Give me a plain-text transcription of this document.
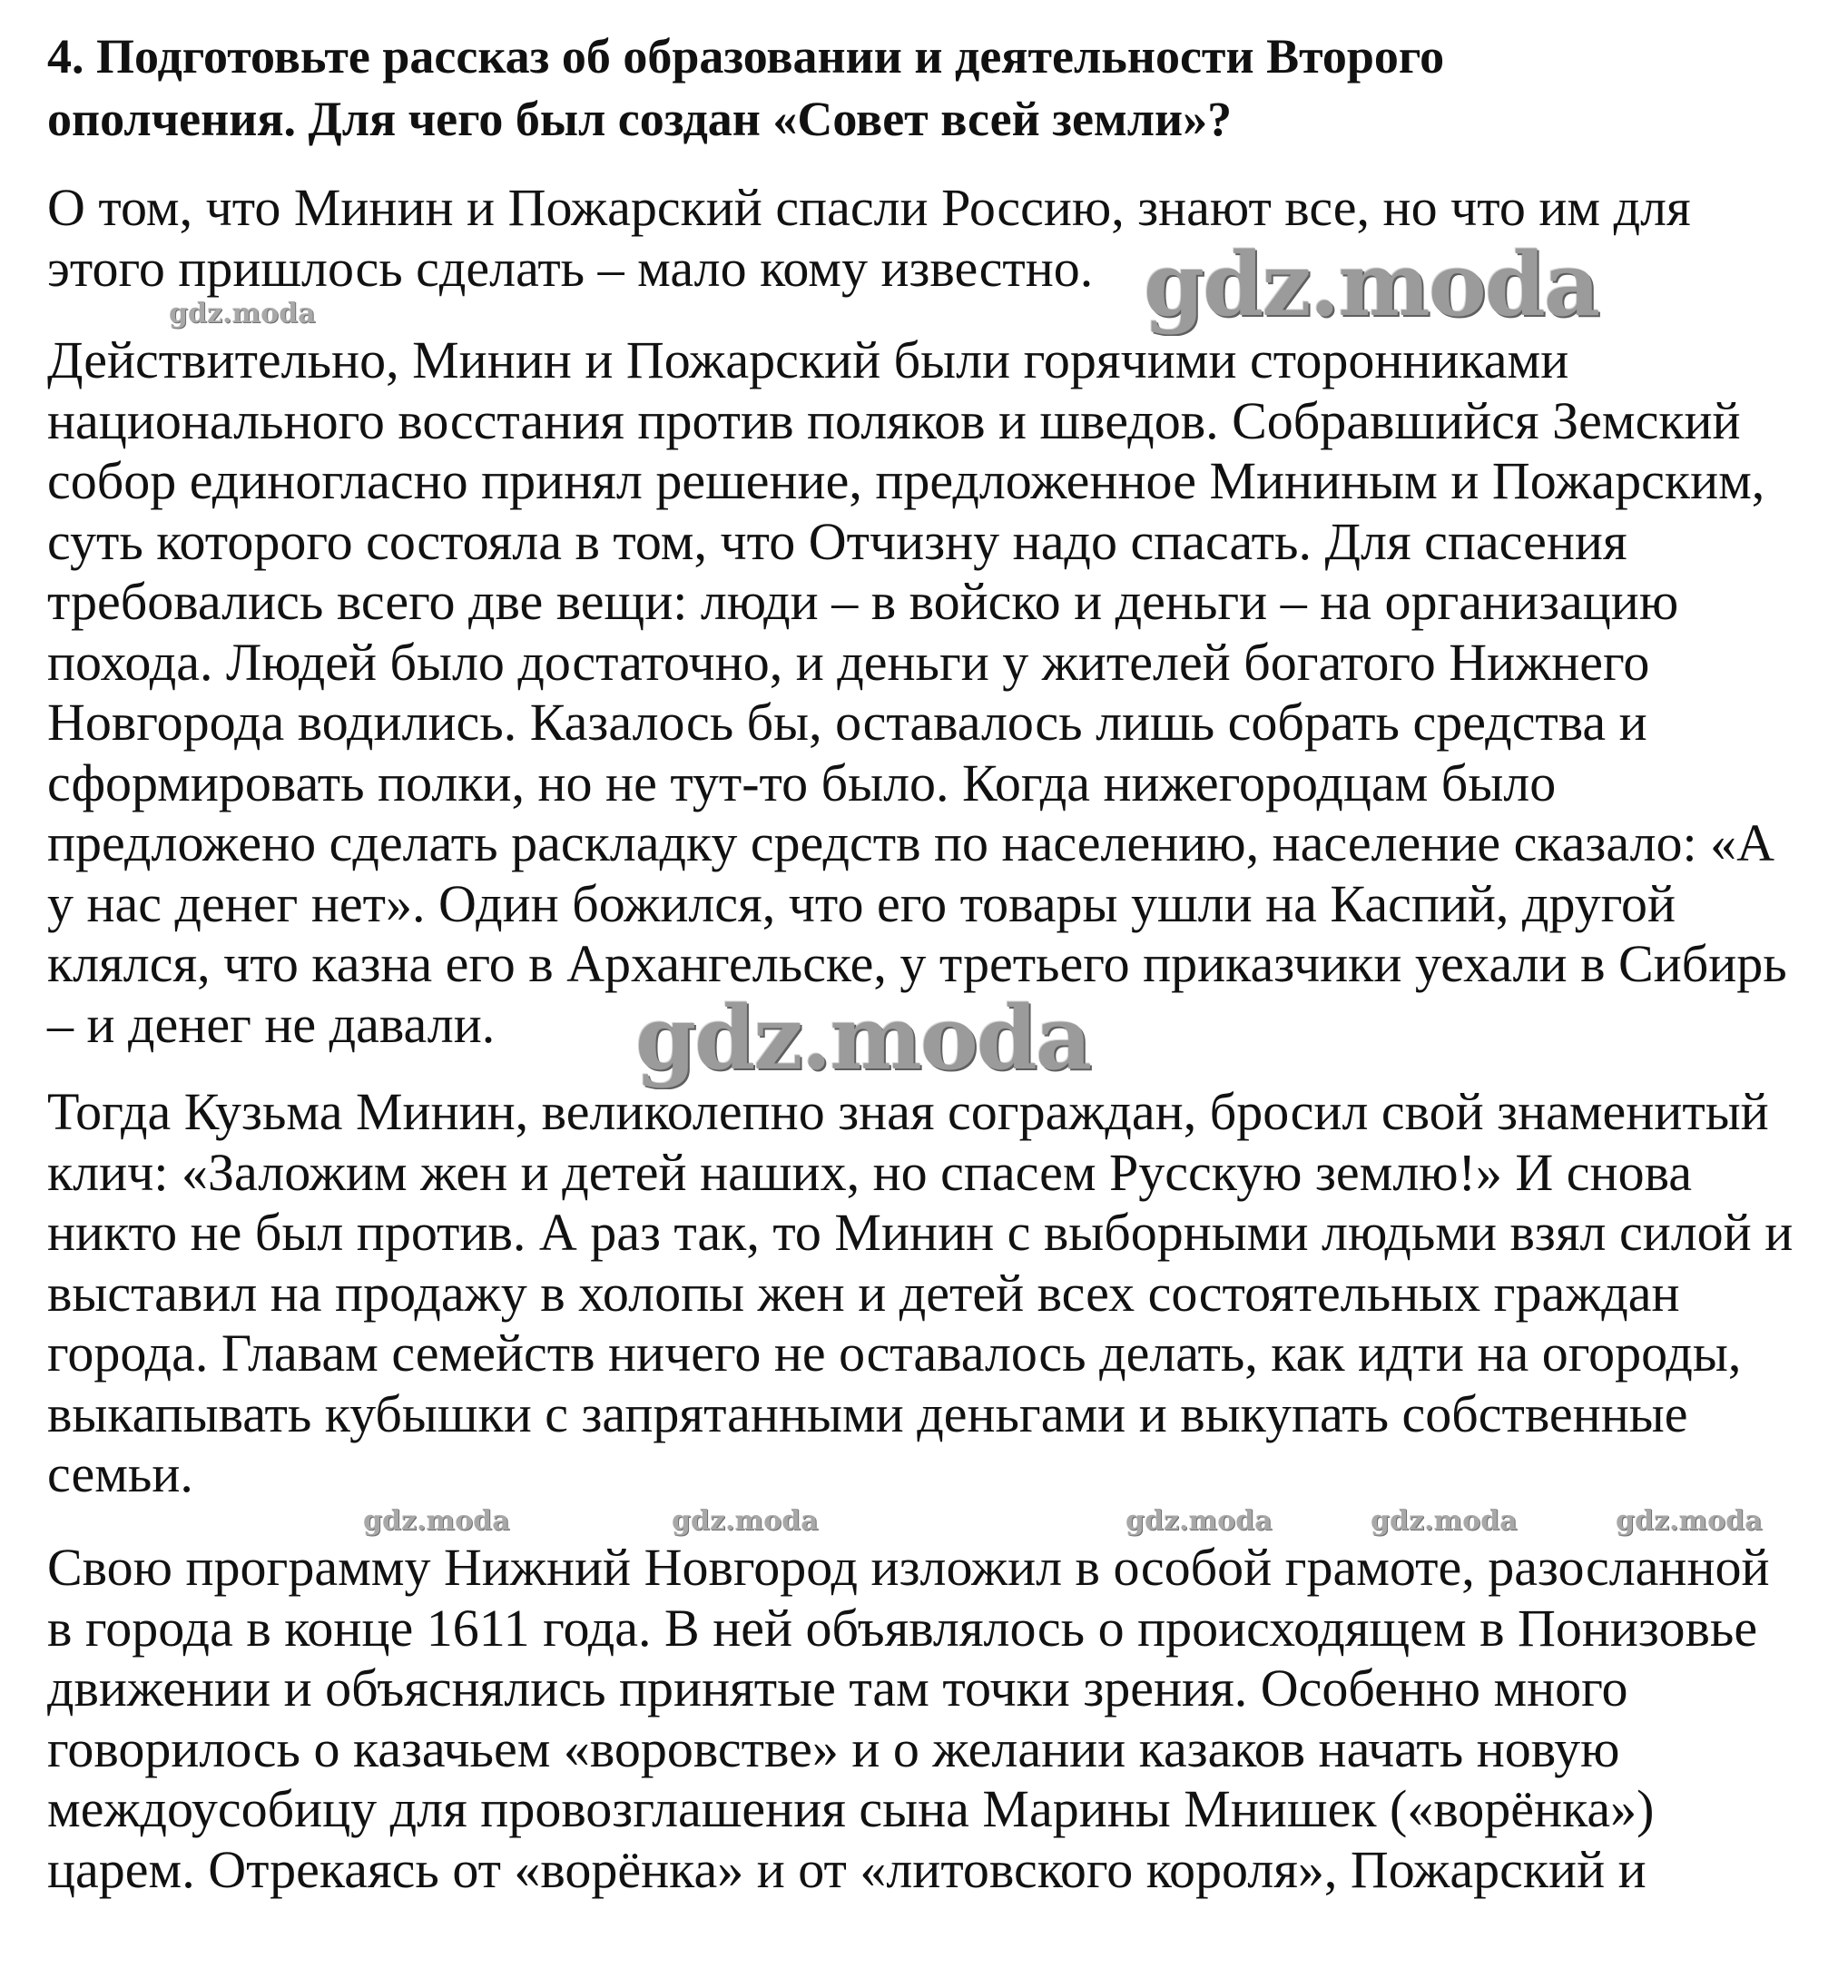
4. Подготовьте рассказ об образовании и деятельности Второго
ополчения. Для чего был создан «Совет всей земли»?
О том, что Минин и Пожарский спасли Россию, знают все, но что им для
этого пришлось сделать – мало кому известно.
Действительно, Минин и Пожарский были горячими сторонниками
национального восстания против поляков и шведов. Собравшийся Земский
собор единогласно принял решение, предложенное Мининым и Пожарским,
суть которого состояла в том, что Отчизну надо спасать. Для спасения
требовались всего две вещи: люди – в войско и деньги – на организацию
похода. Людей было достаточно, и деньги у жителей богатого Нижнего
Новгорода водились. Казалось бы, оставалось лишь собрать средства и
сформировать полки, но не тут-то было. Когда нижегородцам было
предложено сделать раскладку средств по населению, население сказало: «А
у нас денег нет». Один божился, что его товары ушли на Каспий, другой
клялся, что казна его в Архангельске, у третьего приказчики уехали в Сибирь
– и денег не давали.
Тогда Кузьма Минин, великолепно зная сограждан, бросил свой знаменитый
клич: «Заложим жен и детей наших, но спасем Русскую землю!» И снова
никто не был против. А раз так, то Минин с выборными людьми взял силой и
выставил на продажу в холопы жен и детей всех состоятельных граждан
города. Главам семейств ничего не оставалось делать, как идти на огороды,
выкапывать кубышки с запрятанными деньгами и выкупать собственные
семьи.
Свою программу Нижний Новгород изложил в особой грамоте, разосланной
в города в конце 1611 года. В ней объявлялось о происходящем в Понизовье
движении и объяснялись принятые там точки зрения. Особенно много
говорилось о казачьем «воровстве» и о желании казаков начать новую
междоусобицу для провозглашения сына Марины Мнишек («ворёнка»)
царем. Отрекаясь от «ворёнка» и от «литовского короля», Пожарский и
gdz.moda
gdz.moda
gdz.moda
gdz.moda	gdz.moda	gdz.moda	gdz.moda	gdz.moda
